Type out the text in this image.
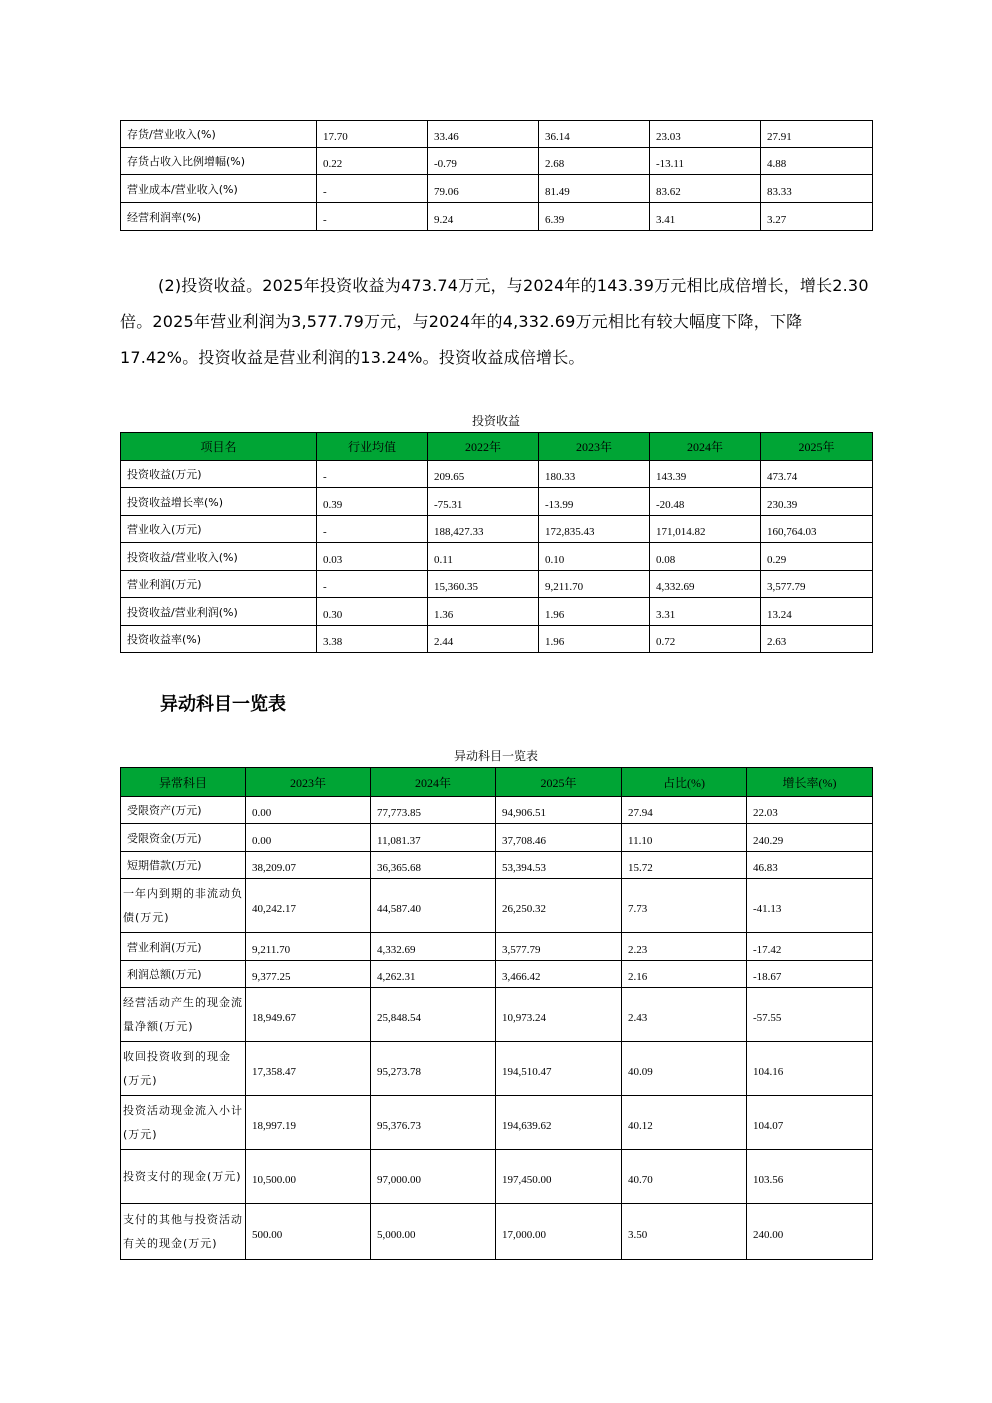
存货/营业收入(%)	17.70	33.46	36.14	23.03	27.91
存货占收入比例增幅(%)	0.22	-0.79	2.68	-13.11	4.88
营业成本/营业收入(%)	-	79.06	81.49	83.62	83.33
经营利润率(%)	-	9.24	6.39	3.41	3.27
(2)投资收益。2025年投资收益为473.74万元，与2024年的143.39万元相比成倍增长，增长2.30倍。2025年营业利润为3,577.79万元，与2024年的4,332.69万元相比有较大幅度下降，下降17.42%。投资收益是营业利润的13.24%。投资收益成倍增长。
投资收益
项目名	行业均值	2022年	2023年	2024年	2025年
投资收益(万元)	-	209.65	180.33	143.39	473.74
投资收益增长率(%)	0.39	-75.31	-13.99	-20.48	230.39
营业收入(万元)	-	188,427.33	172,835.43	171,014.82	160,764.03
投资收益/营业收入(%)	0.03	0.11	0.10	0.08	0.29
营业利润(万元)	-	15,360.35	9,211.70	4,332.69	3,577.79
投资收益/营业利润(%)	0.30	1.36	1.96	3.31	13.24
投资收益率(%)	3.38	2.44	1.96	0.72	2.63
异动科目一览表
异动科目一览表
异常科目	2023年	2024年	2025年	占比(%)	增长率(%)
受限资产(万元)	0.00	77,773.85	94,906.51	27.94	22.03
受限资金(万元)	0.00	11,081.37	37,708.46	11.10	240.29
短期借款(万元)	38,209.07	36,365.68	53,394.53	15.72	46.83
一年内到期的非流动负债(万元)	40,242.17	44,587.40	26,250.32	7.73	-41.13
营业利润(万元)	9,211.70	4,332.69	3,577.79	2.23	-17.42
利润总额(万元)	9,377.25	4,262.31	3,466.42	2.16	-18.67
经营活动产生的现金流量净额(万元)	18,949.67	25,848.54	10,973.24	2.43	-57.55
收回投资收到的现金(万元)	17,358.47	95,273.78	194,510.47	40.09	104.16
投资活动现金流入小计(万元)	18,997.19	95,376.73	194,639.62	40.12	104.07
投资支付的现金(万元)	10,500.00	97,000.00	197,450.00	40.70	103.56
支付的其他与投资活动有关的现金(万元)	500.00	5,000.00	17,000.00	3.50	240.00
